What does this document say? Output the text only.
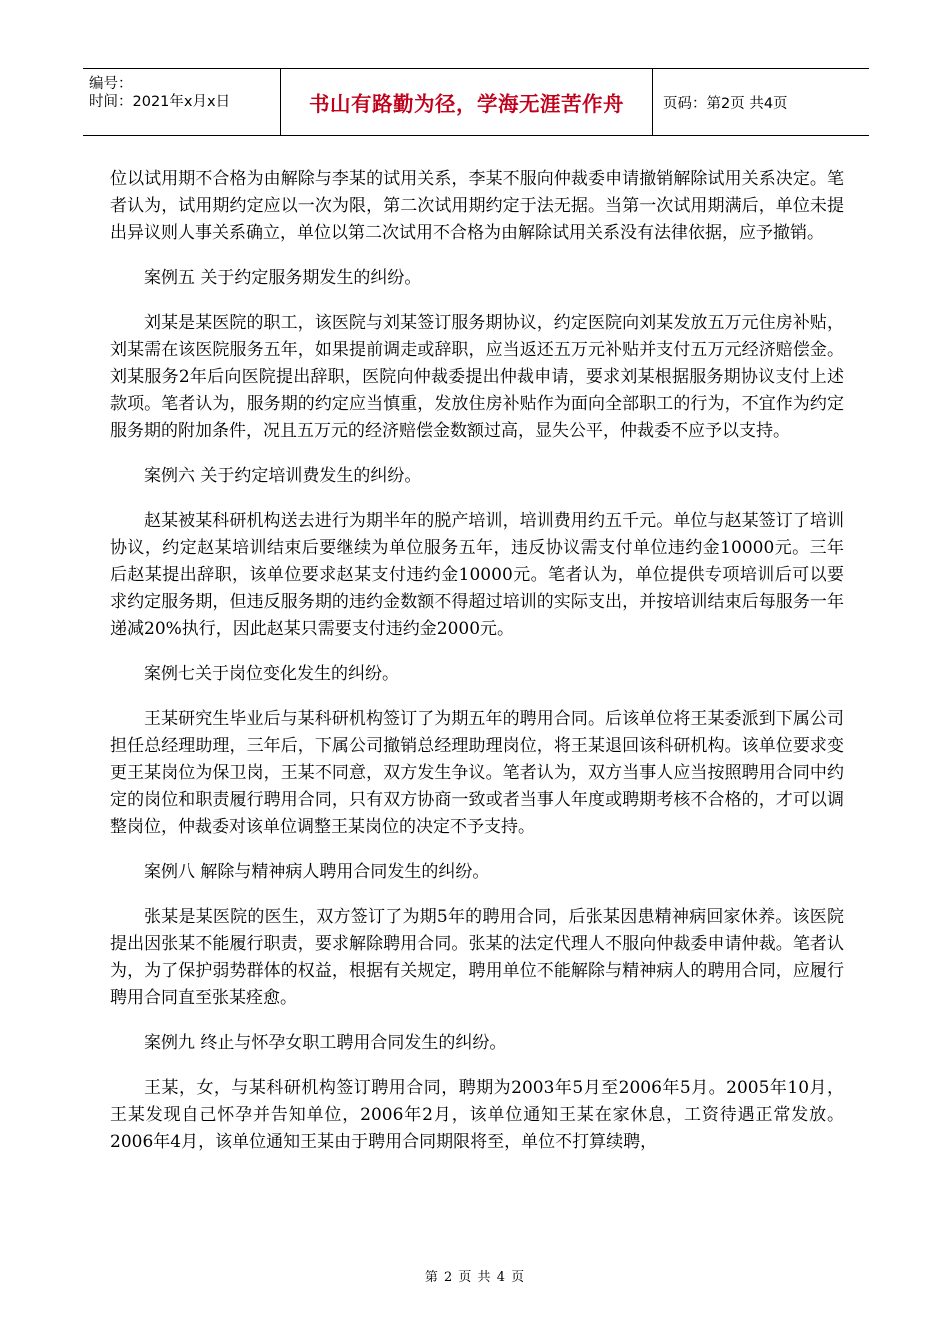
编号：
时间：2021年x月x日	书山有路勤为径，学海无涯苦作舟	页码：第2页 共4页

位以试用期不合格为由解除与李某的试用关系，李某不服向仲裁委申请撤销解除试用关系决定。笔者认为，试用期约定应以一次为限，第二次试用期约定于法无据。当第一次试用期满后，单位未提出异议则人事关系确立，单位以第二次试用不合格为由解除试用关系没有法律依据，应予撤销。

案例五 关于约定服务期发生的纠纷。

刘某是某医院的职工，该医院与刘某签订服务期协议，约定医院向刘某发放五万元住房补贴，刘某需在该医院服务五年，如果提前调走或辞职，应当返还五万元补贴并支付五万元经济赔偿金。刘某服务2年后向医院提出辞职，医院向仲裁委提出仲裁申请，要求刘某根据服务期协议支付上述款项。笔者认为，服务期的约定应当慎重，发放住房补贴作为面向全部职工的行为，不宜作为约定服务期的附加条件，况且五万元的经济赔偿金数额过高，显失公平，仲裁委不应予以支持。

案例六 关于约定培训费发生的纠纷。

赵某被某科研机构送去进行为期半年的脱产培训，培训费用约五千元。单位与赵某签订了培训协议，约定赵某培训结束后要继续为单位服务五年，违反协议需支付单位违约金10000元。三年后赵某提出辞职，该单位要求赵某支付违约金10000元。笔者认为，单位提供专项培训后可以要求约定服务期，但违反服务期的违约金数额不得超过培训的实际支出，并按培训结束后每服务一年递减20%执行，因此赵某只需要支付违约金2000元。

案例七关于岗位变化发生的纠纷。

王某研究生毕业后与某科研机构签订了为期五年的聘用合同。后该单位将王某委派到下属公司担任总经理助理，三年后，下属公司撤销总经理助理岗位，将王某退回该科研机构。该单位要求变更王某岗位为保卫岗，王某不同意，双方发生争议。笔者认为，双方当事人应当按照聘用合同中约定的岗位和职责履行聘用合同，只有双方协商一致或者当事人年度或聘期考核不合格的，才可以调整岗位，仲裁委对该单位调整王某岗位的决定不予支持。

案例八 解除与精神病人聘用合同发生的纠纷。

张某是某医院的医生，双方签订了为期5年的聘用合同，后张某因患精神病回家休养。该医院提出因张某不能履行职责，要求解除聘用合同。张某的法定代理人不服向仲裁委申请仲裁。笔者认为，为了保护弱势群体的权益，根据有关规定，聘用单位不能解除与精神病人的聘用合同，应履行聘用合同直至张某痊愈。

案例九 终止与怀孕女职工聘用合同发生的纠纷。

王某，女，与某科研机构签订聘用合同，聘期为2003年5月至2006年5月。2005年10月，王某发现自己怀孕并告知单位，2006年2月，该单位通知王某在家休息，工资待遇正常发放。2006年4月，该单位通知王某由于聘用合同期限将至，单位不打算续聘，

第 2 页 共 4 页
